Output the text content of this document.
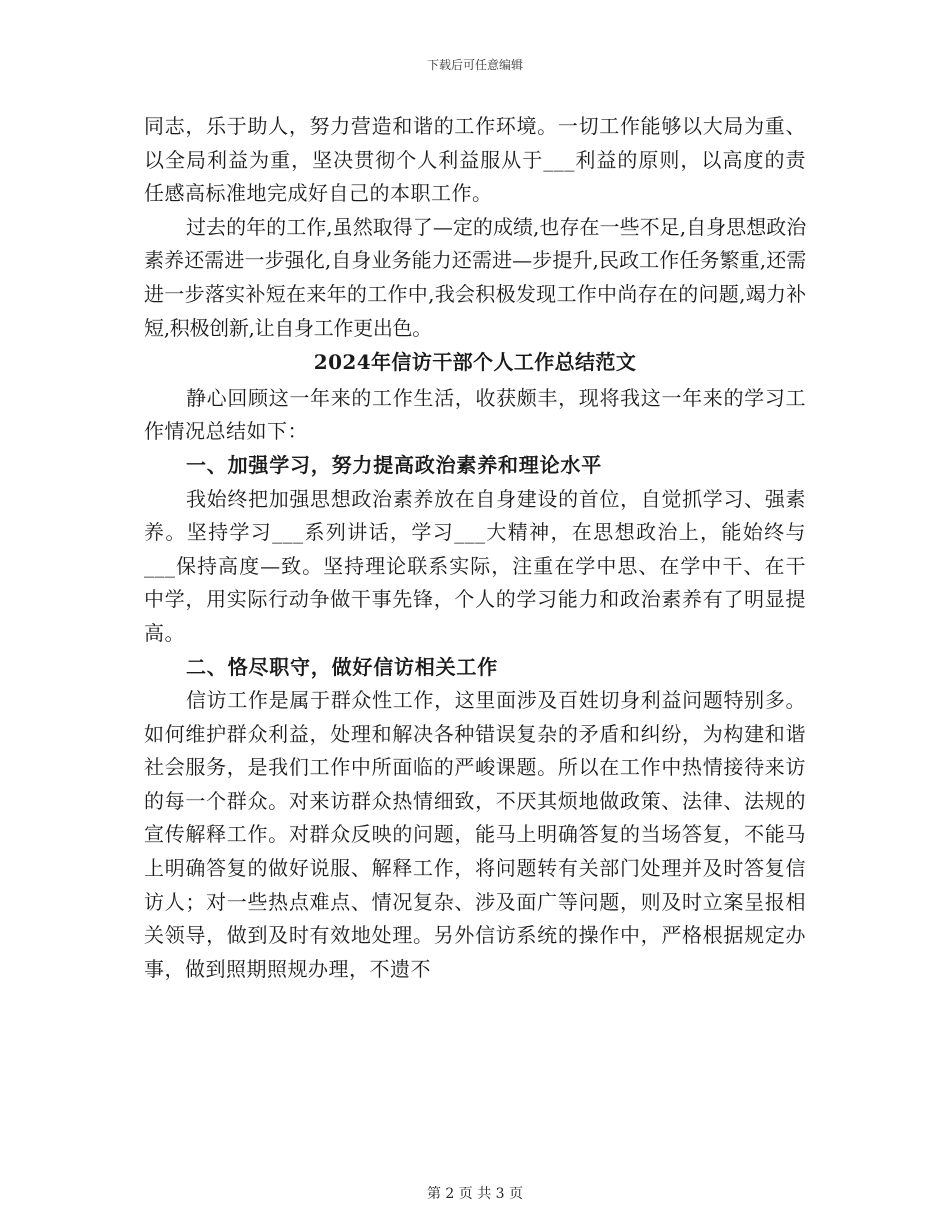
下载后可任意编辑

同志，乐于助人，努力营造和谐的工作环境。一切工作能够以大局为重、以全局利益为重，坚决贯彻个人利益服从于___利益的原则，以高度的责任感高标准地完成好自己的本职工作。

过去的年的工作,虽然取得了—定的成绩,也存在一些不足,自身思想政治素养还需进一步强化,自身业务能力还需进—步提升,民政工作任务繁重,还需进一步落实补短在来年的工作中,我会积极发现工作中尚存在的问题,竭力补短,积极创新,让自身工作更出色。

2024年信访干部个人工作总结范文

静心回顾这一年来的工作生活，收获颇丰，现将我这一年来的学习工作情况总结如下：

一、加强学习，努力提高政治素养和理论水平

我始终把加强思想政治素养放在自身建设的首位，自觉抓学习、强素养。坚持学习___系列讲话，学习___大精神，在思想政治上，能始终与___保持高度—致。坚持理论联系实际，注重在学中思、在学中干、在干中学，用实际行动争做干事先锋，个人的学习能力和政治素养有了明显提高。

二、恪尽职守，做好信访相关工作

信访工作是属于群众性工作，这里面涉及百姓切身利益问题特别多。如何维护群众利益，处理和解决各种错误复杂的矛盾和纠纷，为构建和谐社会服务，是我们工作中所面临的严峻课题。所以在工作中热情接待来访的每一个群众。对来访群众热情细致，不厌其烦地做政策、法律、法规的宣传解释工作。对群众反映的问题，能马上明确答复的当场答复，不能马上明确答复的做好说服、解释工作，将问题转有关部门处理并及时答复信访人；对一些热点难点、情况复杂、涉及面广等问题，则及时立案呈报相关领导，做到及时有效地处理。另外信访系统的操作中，严格根据规定办事，做到照期照规办理，不遗不

第 2 页 共 3 页
